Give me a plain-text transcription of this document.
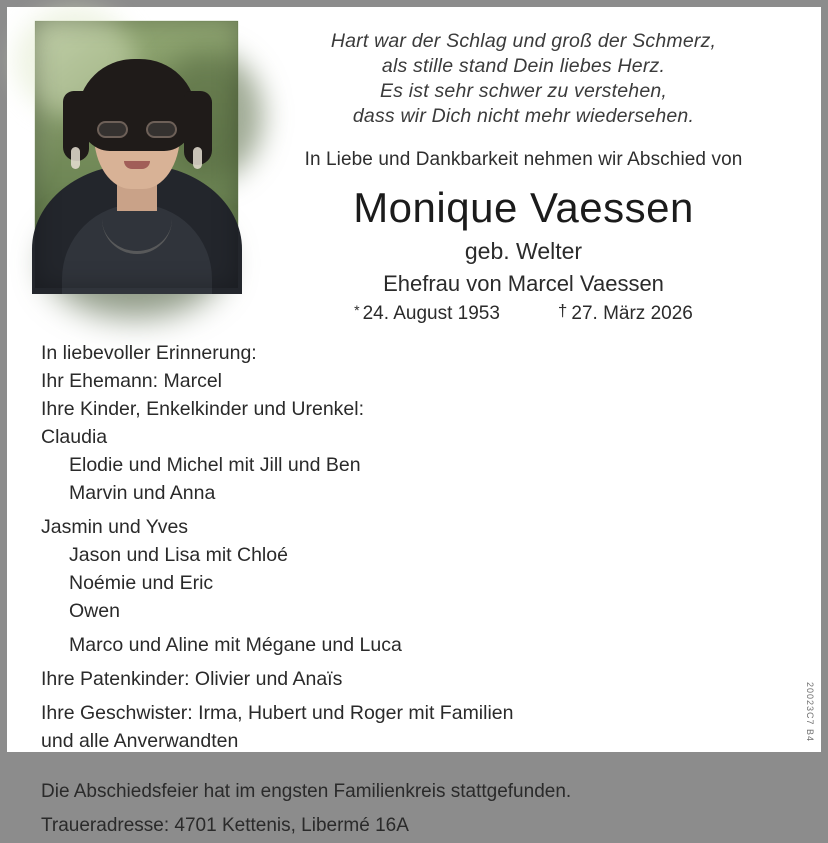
Hart war der Schlag und groß der Schmerz,
als stille stand Dein liebes Herz.
Es ist sehr schwer zu verstehen,
dass wir Dich nicht mehr wiedersehen.
In Liebe und Dankbarkeit nehmen wir Abschied von
Monique Vaessen
geb. Welter
Ehefrau von Marcel Vaessen
* 24. August 1953	† 27. März 2026
In liebevoller Erinnerung:
Ihr Ehemann: Marcel
Ihre Kinder, Enkelkinder und Urenkel:
Claudia
Elodie und Michel mit Jill und Ben
Marvin und Anna
Jasmin und Yves
Jason und Lisa mit Chloé
Noémie und Eric
Owen
Marco und Aline mit Mégane und Luca
Ihre Patenkinder: Olivier und Anaïs
Ihre Geschwister: Irma, Hubert und Roger mit Familien
und alle Anverwandten
Die Abschiedsfeier hat im engsten Familienkreis stattgefunden.
Traueradresse: 4701 Kettenis, Libermé 16A
20023C7 B4
